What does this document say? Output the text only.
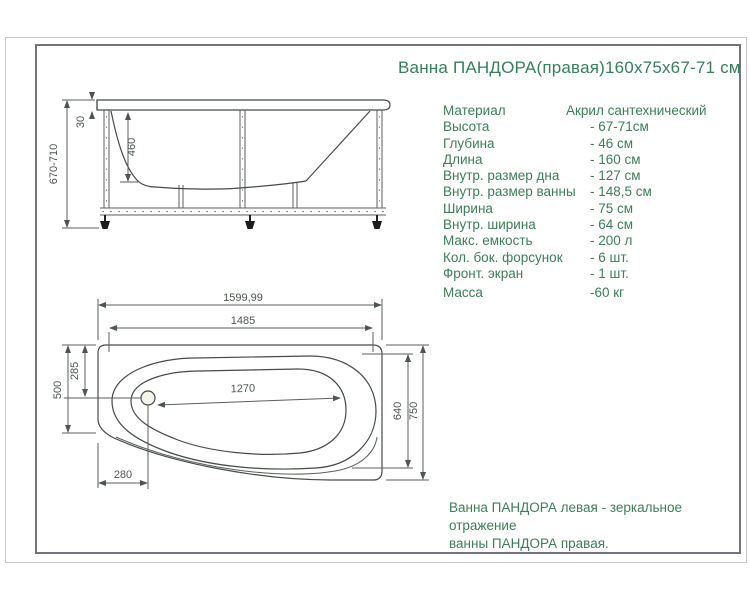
Ванна ПАНДОРА(правая)160х75х67-71 см
670-710
30
460
1599,99
1485
1270
285
500
280
640 750
Материал	Акрил сантехнический
Высота	- 67-71см
Глубина	- 46 см
Длина	- 160 см
Внутр. размер дна - 127 см
Внутр. размер ванны - 148,5 см
Ширина	- 75 см
Внутр. ширина	- 64 см
Макс. емкость	- 200 л
Кол. бок. форсунок - 6 шт.
Фронт. экран	- 1 шт.
Масса	-60 кг
Ванна ПАНДОРА левая - зеркальное отражение
ванны ПАНДОРА правая.
